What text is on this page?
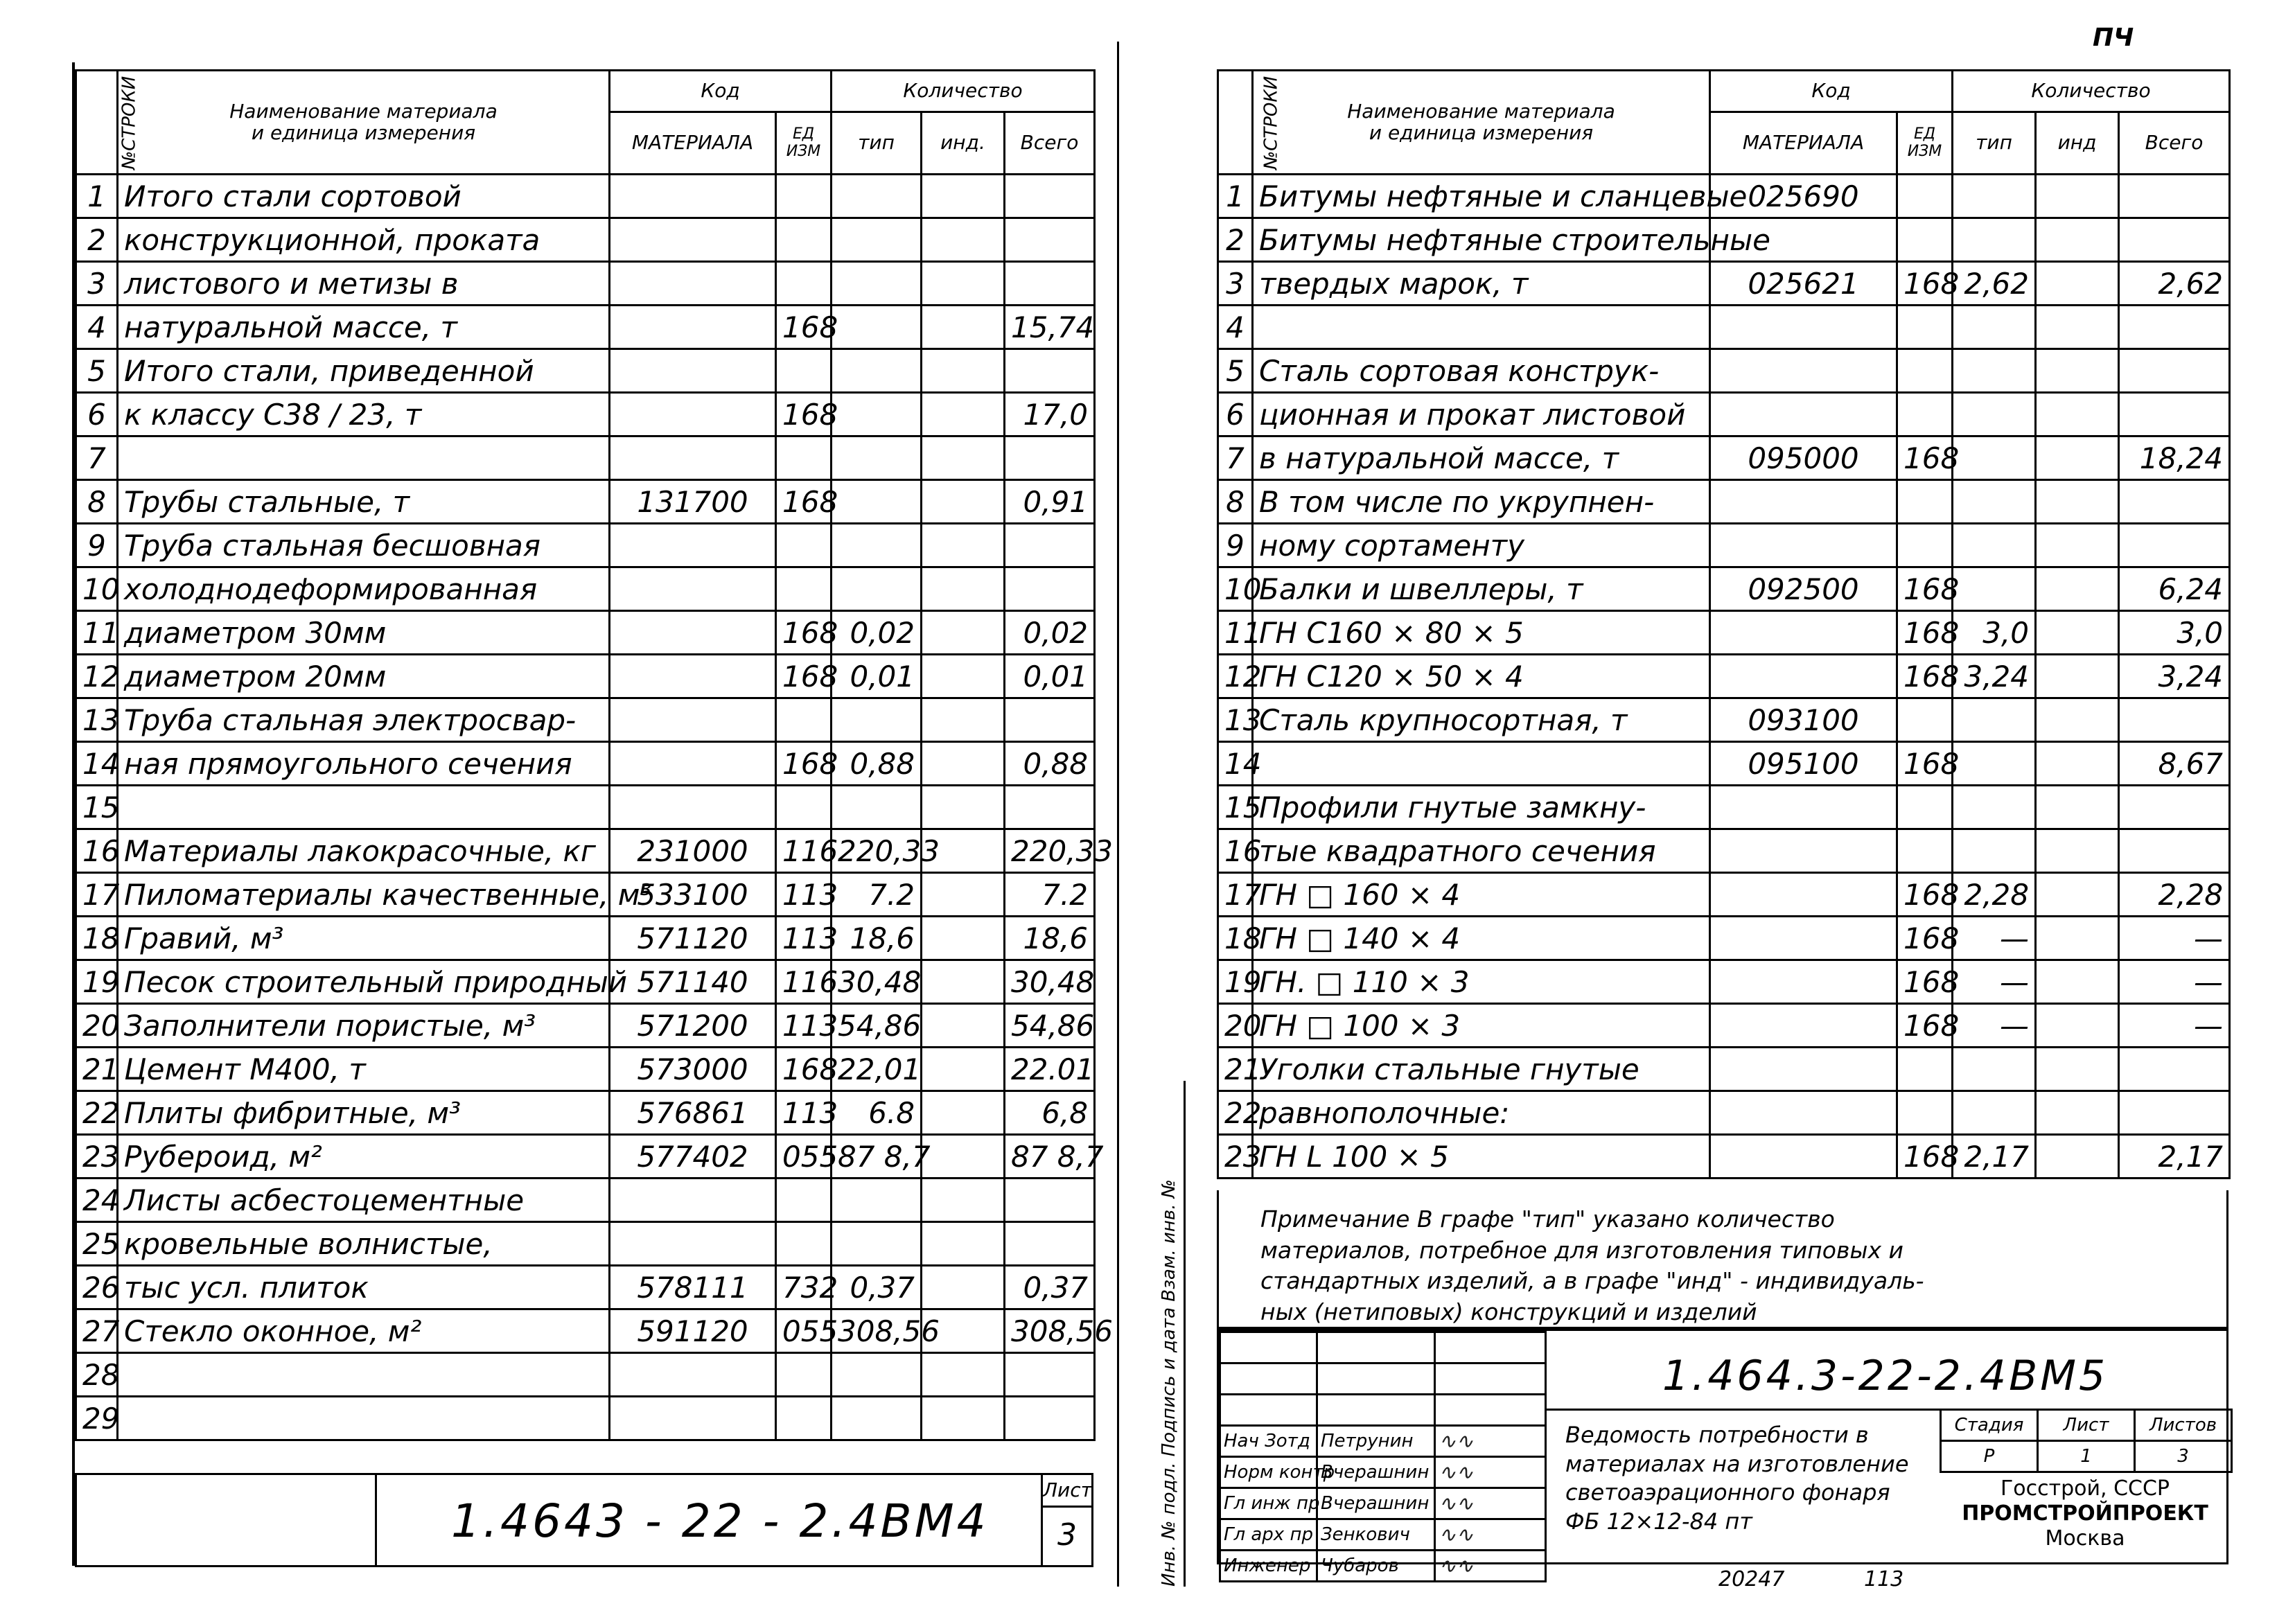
№СТРОКИ	Наименование материала
и единица измерения	Код		Количество		
		МАТЕРИАЛА	ЕД ИЗМ	тип	инд.	Всего
1	Итого стали сортовой					
2	конструкционной, проката					
3	листового и метизы в					
4	натуральной массе, т		168			15,74
5	Итого стали, приведенной					
6	к классу С38 / 23, т		168			17,0
7						
8	Трубы стальные, т	131700	168			0,91
9	Труба стальная бесшовная					
10	холоднодеформированная					
11	диаметром 30мм		168	0,02		0,02
12	диаметром 20мм		168	0,01		0,01
13	Труба стальная электросвар-					
14	ная прямоугольного сечения		168	0,88		0,88
15						
16	Материалы лакокрасочные, кг	231000	116	220,33		220,33
17	Пиломатериалы качественные, м³	533100	113	7.2		7.2
18	Гравий, м³	571120	113	18,6		18,6
19	Песок строительный природный	571140	116	30,48		30,48
20	Заполнители пористые, м³	571200	113	54,86		54,86
21	Цемент М400, т	573000	168	22,01		22.01
22	Плиты фибритные, м³	576861	113	6.8		6,8
23	Рубероид, м²	577402	055	87 8,7		87 8,7
24	Листы асбестоцементные					
25	кровельные волнистые,					
26	тыс усл. плиток	578111	732	0,37		0,37
27	Стекло оконное, м²	591120	055	308,56		308,56
28						
29						
1.4643 - 22 - 2.4ВМ4
Лист
3
ПЧ
№СТРОКИ	Наименование материала
и единица измерения	Код		Количество		
		МАТЕРИАЛА	ЕД ИЗМ	тип	инд	Всего
1	Битумы нефтяные и сланцевые	025690				
2	Битумы нефтяные строительные					
3	твердых марок, т	025621	168	2,62		2,62
4						
5	Сталь сортовая конструк-					
6	ционная и прокат листовой					
7	в натуральной массе, т	095000	168			18,24
8	В том числе по укрупнен-					
9	ному сортаменту					
10	Балки и швеллеры, т	092500	168			6,24
11	ГН С160 × 80 × 5		168	3,0		3,0
12	ГН С120 × 50 × 4		168	3,24		3,24
13	Сталь крупносортная, т	093100				
14		095100	168			8,67
15	Профили гнутые замкну-					
16	тые квадратного сечения					
17	ГН □ 160 × 4		168	2,28		2,28
18	ГН □ 140 × 4		168	—		—
19	ГН. □ 110 × 3		168	—		—
20	ГН □ 100 × 3		168	—		—
21	Уголки стальные гнутые					
22	равнополочные:					
23	ГН L 100 × 5		168	2,17		2,17
Примечание В графе "тип" указано количество
материалов, потребное для изготовления типовых и
стандартных изделий, а в графе "инд" - индивидуаль-
ных (нетиповых) конструкций и изделий
Инв. № подл. Подпись и дата Взам. инв. №

		Нач Зотд	Петрунин	∿∿
Норм контр	Вчерашнин	∿∿
Гл инж пр	Вчерашнин	∿∿
Гл арх пр	Зенкович	∿∿
Инженер	Чубаров	∿∿
1.464.3-22-2.4ВМ5
Ведомость потребности в
материалах на изготовление
светоаэрационного фонаря
ФБ 12×12-84 пт
Стадия	Лист	Листов
Р	1	3
Госстрой, СССР
ПРОМСТРОЙПРОЕКТ
Москва
20247	113
